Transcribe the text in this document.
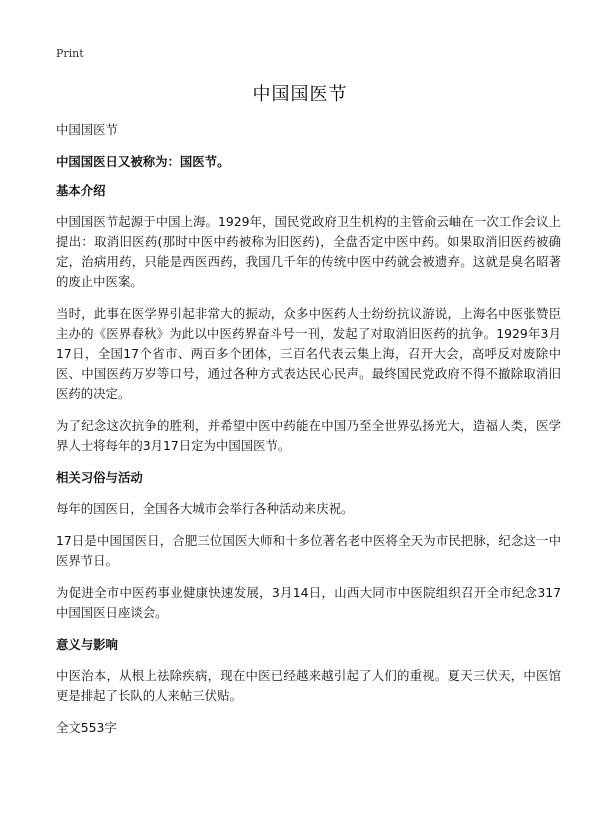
Print
中国国医节
中国国医节
中国国医日又被称为：国医节。
基本介绍
中国国医节起源于中国上海。1929年，国民党政府卫生机构的主管俞云岫在一次工作会议上提出：取消旧医药(那时中医中药被称为旧医药)，全盘否定中医中药。如果取消旧医药被确定，治病用药，只能是西医西药，我国几千年的传统中医中药就会被遗弃。这就是臭名昭著的废止中医案。
当时，此事在医学界引起非常大的振动，众多中医药人士纷纷抗议游说，上海名中医张赞臣主办的《医界春秋》为此以中医药界奋斗号一刊，发起了对取消旧医药的抗争。1929年3月17日，全国17个省市、两百多个团体，三百名代表云集上海，召开大会，高呼反对废除中医、中国医药万岁等口号，通过各种方式表达民心民声。最终国民党政府不得不撤除取消旧医药的决定。
为了纪念这次抗争的胜利，并希望中医中药能在中国乃至全世界弘扬光大，造福人类，医学界人士将每年的3月17日定为中国国医节。
相关习俗与活动
每年的国医日，全国各大城市会举行各种活动来庆祝。
17日是中国国医日，合肥三位国医大师和十多位著名老中医将全天为市民把脉，纪念这一中医界节日。
为促进全市中医药事业健康快速发展，3月14日，山西大同市中医院组织召开全市纪念317中国国医日座谈会。
意义与影响
中医治本，从根上祛除疾病，现在中医已经越来越引起了人们的重视。夏天三伏天，中医馆更是排起了长队的人来帖三伏贴。
全文553字
